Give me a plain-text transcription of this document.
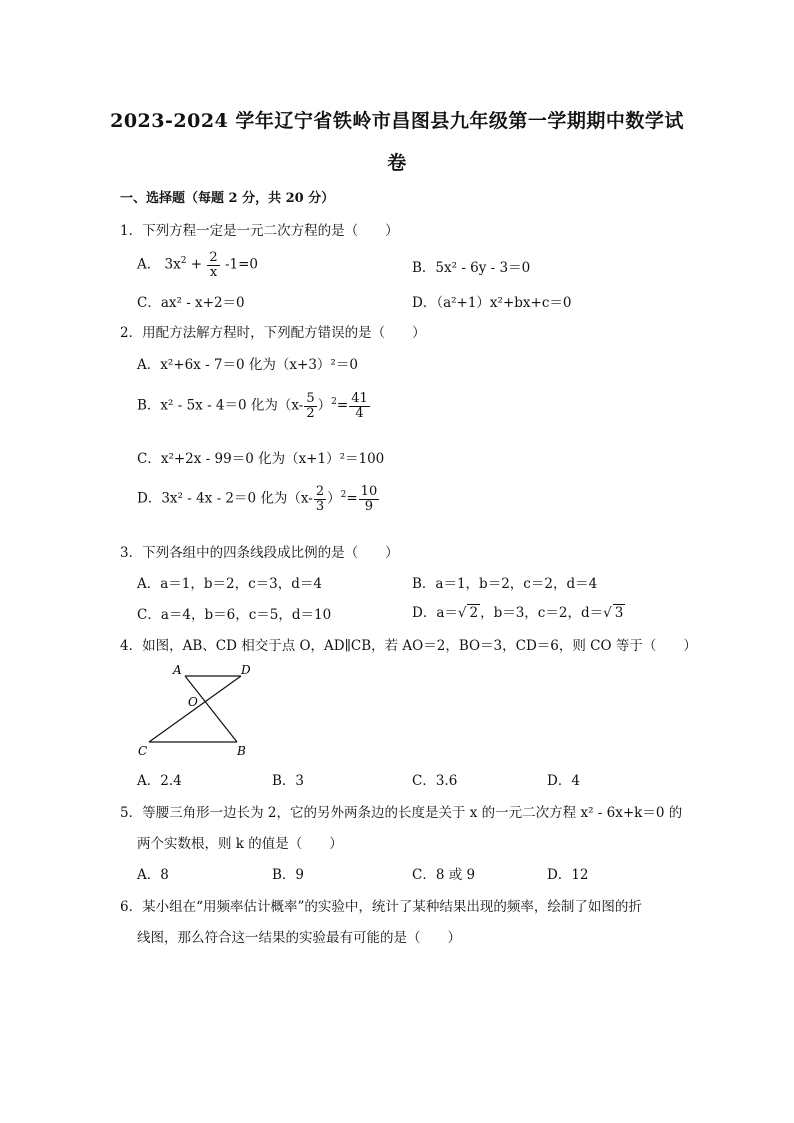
2023-2024 学年辽宁省铁岭市昌图县九年级第一学期期中数学试
卷
一、选择题（每题 2 分，共 20 分）
1．下列方程一定是一元二次方程的是（　　）
A． $3x^2 + \frac{2}{x} -1=0$	B．5x² - 6y - 3＝0
C．ax² - x+2＝0	D．（a²+1）x²+bx+c＝0
2．用配方法解方程时，下列配方错误的是（　　）
A．x²+6x - 7＝0 化为（x+3）²＝0
B．x² - 5x - 4＝0 化为$(x- \frac{5}{2} )^2= \frac{41}{4}$
C．x²+2x - 99＝0 化为（x+1）²＝100
D．3x² - 4x - 2＝0 化为$(x- \frac{2}{3} )^2= \frac{10}{9}$
3．下列各组中的四条线段成比例的是（　　）
A．a＝1，b＝2，c＝3，d＝4	B．a＝1，b＝2，c＝2，d＝4
C．a＝4，b＝6，c＝5，d＝10	D．a＝√ 2 ，b＝3，c＝2，d＝√ 3
4．如图，AB、CD 相交于点 O，AD∥CB，若 AO＝2，BO＝3，CD＝6，则 CO 等于（　　）
A	D
O
C	B
A．2.4	B．3	C．3.6	D．4
5．等腰三角形一边长为 2，它的另外两条边的长度是关于 x 的一元二次方程 x² - 6x+k＝0 的
两个实数根，则 k 的值是（　　）
A．8	B．9	C．8 或 9	D．12
6．某小组在“用频率估计概率”的实验中，统计了某种结果出现的频率，绘制了如图的折
线图，那么符合这一结果的实验最有可能的是（　　）
